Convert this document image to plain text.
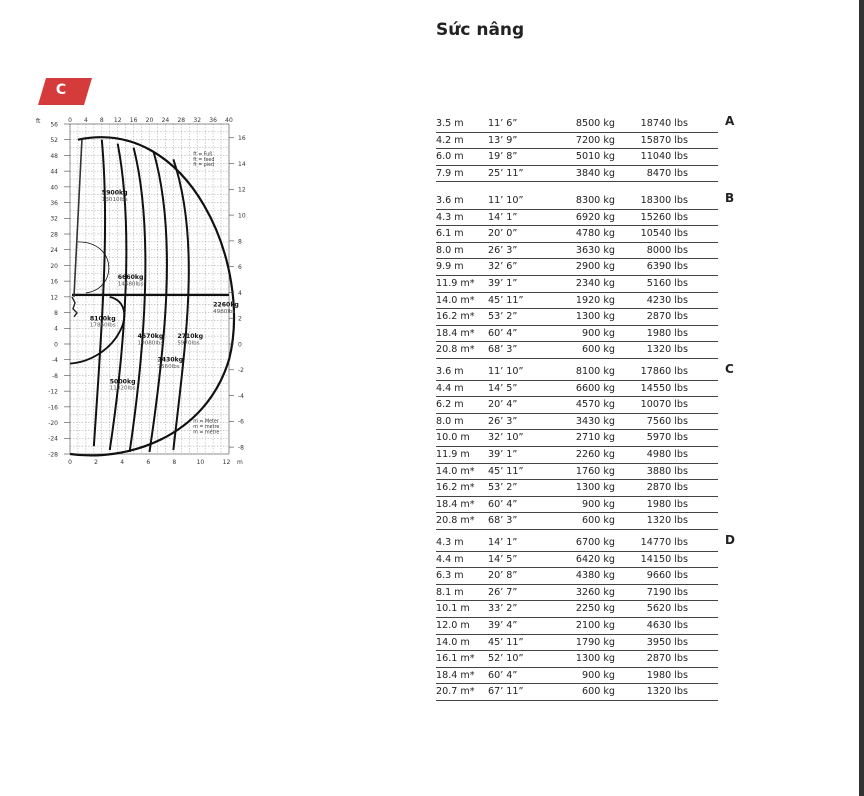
Sức nâng
C
56
52
48
44
40
36
32
28
24
20
16
12
8
4
0
-4
-8
-12
-16
-20
-24
-28
ft	0 4 8 12 16 20 24 28 32 36 40
16
14
12
10
8
6
4
2
0
-2
-4
-6
-8
0	2	4	6	8	10	12 m
5900kg
13010lbs
6660kg
14680lbs
8100kg
17860lbs
2260kg
4980lbs
4570kg
10080lbs
2710kg
5970lbs
3430kg
7560lbs
5000kg
11020lbs
ft = Fuß
ft = feed
ft = pied
m = Meter
m = metre
m = métre
A
3.5 m	11’ 6”	8500 kg	18740 lbs
4.2 m	13’ 9”	7200 kg	15870 lbs
6.0 m	19’ 8”	5010 kg	11040 lbs
7.9 m	25’ 11”	3840 kg	8470 lbs
B
3.6 m	11’ 10”	8300 kg	18300 lbs
4.3 m	14’ 1”	6920 kg	15260 lbs
6.1 m	20’ 0”	4780 kg	10540 lbs
8.0 m	26’ 3”	3630 kg	8000 lbs
9.9 m	32’ 6”	2900 kg	6390 lbs
11.9 m* 39’ 1”	2340 kg	5160 lbs
14.0 m* 45’ 11”	1920 kg	4230 lbs
16.2 m* 53’ 2”	1300 kg	2870 lbs
18.4 m* 60’ 4”	900 kg	1980 lbs
20.8 m* 68’ 3”	600 kg	1320 lbs
C
3.6 m	11’ 10”	8100 kg	17860 lbs
4.4 m	14’ 5”	6600 kg	14550 lbs
6.2 m	20’ 4”	4570 kg	10070 lbs
8.0 m	26’ 3”	3430 kg	7560 lbs
10.0 m 32’ 10”	2710 kg	5970 lbs
11.9 m 39’ 1”	2260 kg	4980 lbs
14.0 m* 45’ 11”	1760 kg	3880 lbs
16.2 m* 53’ 2”	1300 kg	2870 lbs
18.4 m* 60’ 4”	900 kg	1980 lbs
20.8 m* 68’ 3”	600 kg	1320 lbs
D
4.3 m	14’ 1”	6700 kg	14770 lbs
4.4 m	14’ 5”	6420 kg	14150 lbs
6.3 m	20’ 8”	4380 kg	9660 lbs
8.1 m	26’ 7”	3260 kg	7190 lbs
10.1 m 33’ 2”	2250 kg	5620 lbs
12.0 m 39’ 4”	2100 kg	4630 lbs
14.0 m 45’ 11”	1790 kg	3950 lbs
16.1 m* 52’ 10”	1300 kg	2870 lbs
18.4 m* 60’ 4”	900 kg	1980 lbs
20.7 m* 67’ 11”	600 kg	1320 lbs
